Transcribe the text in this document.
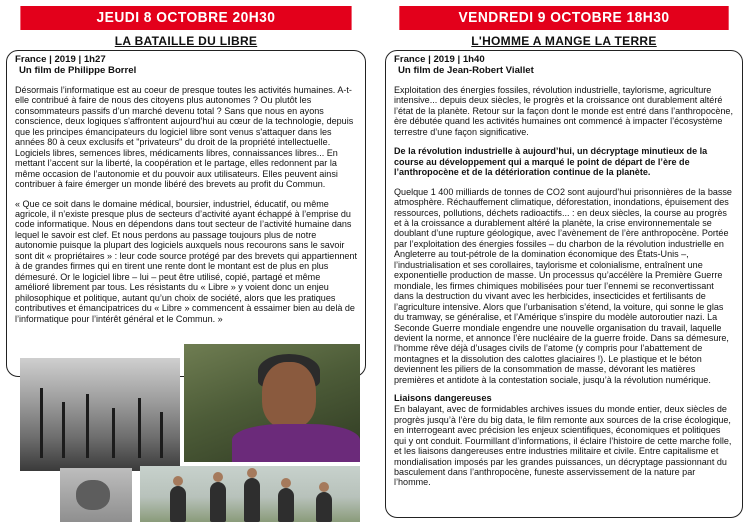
JEUDI 8 OCTOBRE 20H30
LA BATAILLE DU LIBRE
France | 2019 | 1h27
Un film de Philippe Borrel

Désormais l’informatique est au coeur de presque toutes les activités humaines. A-t-elle contribué à faire de nous des citoyens plus autonomes ? Ou plutôt les consommateurs passifs d’un marché devenu total ? Sans que nous en ayons conscience, deux logiques s'affrontent aujourd'hui au cœur de la technologie, depuis que les principes émancipateurs du logiciel libre sont venus s'attaquer dans les années 80 à ceux exclusifs et "privateurs" du droit de la propriété intellectuelle. Logiciels libres, semences libres, médicaments libres, connaissances libres... En mettant l’accent sur la liberté, la coopération et le partage, elles redonnent par la même occasion de l’autonomie et du pouvoir aux utilisateurs. Elles peuvent ainsi contribuer à faire émerger un monde libéré des brevets au profit du Commun.

« Que ce soit dans le domaine médical, boursier, industriel, éducatif, ou même agricole, il n’existe presque plus de secteurs d’activité ayant échappé à l’emprise du code informatique. Nous en dépendons dans tout secteur de l’activité humaine dans lequel le savoir est clef. Et nous perdons au passage toujours plus de notre autonomie puisque la plupart des logiciels auxquels nous recourons sans le savoir sont dit « propriétaires » : leur code source protégé par des brevets qui appartiennent à de grandes firmes qui en tirent une rente dont le montant est de plus en plus démesuré. Or le logiciel libre – lui – peut être utilisé, copié, partagé et même amélioré librement par tous. Les résistants du « Libre » y voient donc un enjeu philosophique et politique, autant qu’un choix de société, alors que les pratiques contributives et émancipatrices du « Libre » commencent à essaimer bien au delà de l’informatique pour l’intérêt général et le Commun. »

VENDREDI 9 OCTOBRE 18H30
L'HOMME A MANGE LA TERRE
France | 2019 | 1h40
Un film de Jean-Robert Viallet

Exploitation des énergies fossiles, révolution industrielle, taylorisme, agriculture intensive... depuis deux siècles, le progrès et la croissance ont durablement altéré l’état de la planète. Retour sur la façon dont le monde est entré dans l’anthropocène, ère débutée quand les activités humaines ont commencé à impacter l’écosystème terrestre d’une façon significative.

De la révolution industrielle à aujourd’hui, un décryptage minutieux de la course au développement qui a marqué le point de départ de l’ère de l’anthropocène et de la détérioration continue de la planète.

Quelque 1 400 milliards de tonnes de CO2 sont aujourd’hui prisonnières de la basse atmosphère. Réchauffement climatique, déforestation, inondations, épuisement des ressources, pollutions, déchets radioactifs... : en deux siècles, la course au progrès et à la croissance a durablement altéré la planète, la crise environnementale se doublant d’une rupture géologique, avec l’avènement de l’ère anthropocène. Portée par l’exploitation des énergies fossiles – du charbon de la révolution industrielle en Angleterre au tout-pétrole de la domination économique des États-Unis –, l’industrialisation et ses corollaires, taylorisme et colonialisme, entraînent une exponentielle production de masse. Un processus qu’accélère la Première Guerre mondiale, les firmes chimiques mobilisées pour tuer l’ennemi se reconvertissant dans la destruction du vivant avec les herbicides, insecticides et fertilisants de l’agriculture intensive. Alors que l’urbanisation s’étend, la voiture, qui sonne le glas du tramway, se généralise, et l’Amérique s’inspire du modèle autoroutier nazi. La Seconde Guerre mondiale engendre une nouvelle organisation du travail, laquelle devient la norme, et annonce l’ère nucléaire de la guerre froide. Dans sa démesure, l’homme rêve déjà d’usages civils de l’atome (y compris pour l’abattement de montagnes et la dissolution des calottes glaciaires !). Le plastique et le béton deviennent les piliers de la consommation de masse, dévorant les matières premières et antidote à la contestation sociale, jusqu’à la révolution numérique.

Liaisons dangereuses

En balayant, avec de formidables archives issues du monde entier, deux siècles de progrès jusqu’à l’ère du big data, le film remonte aux sources de la crise écologique, en interrogeant avec précision les enjeux scientifiques, économiques et politiques qui y ont conduit. Fourmillant d’informations, il éclaire l’histoire de cette marche folle, et les liaisons dangereuses entre industries militaire et civile. Entre capitalisme et mondialisation imposés par les grandes puissances, un décryptage passionnant du basculement dans l’anthropocène, funeste asservissement de la nature par l’homme.
